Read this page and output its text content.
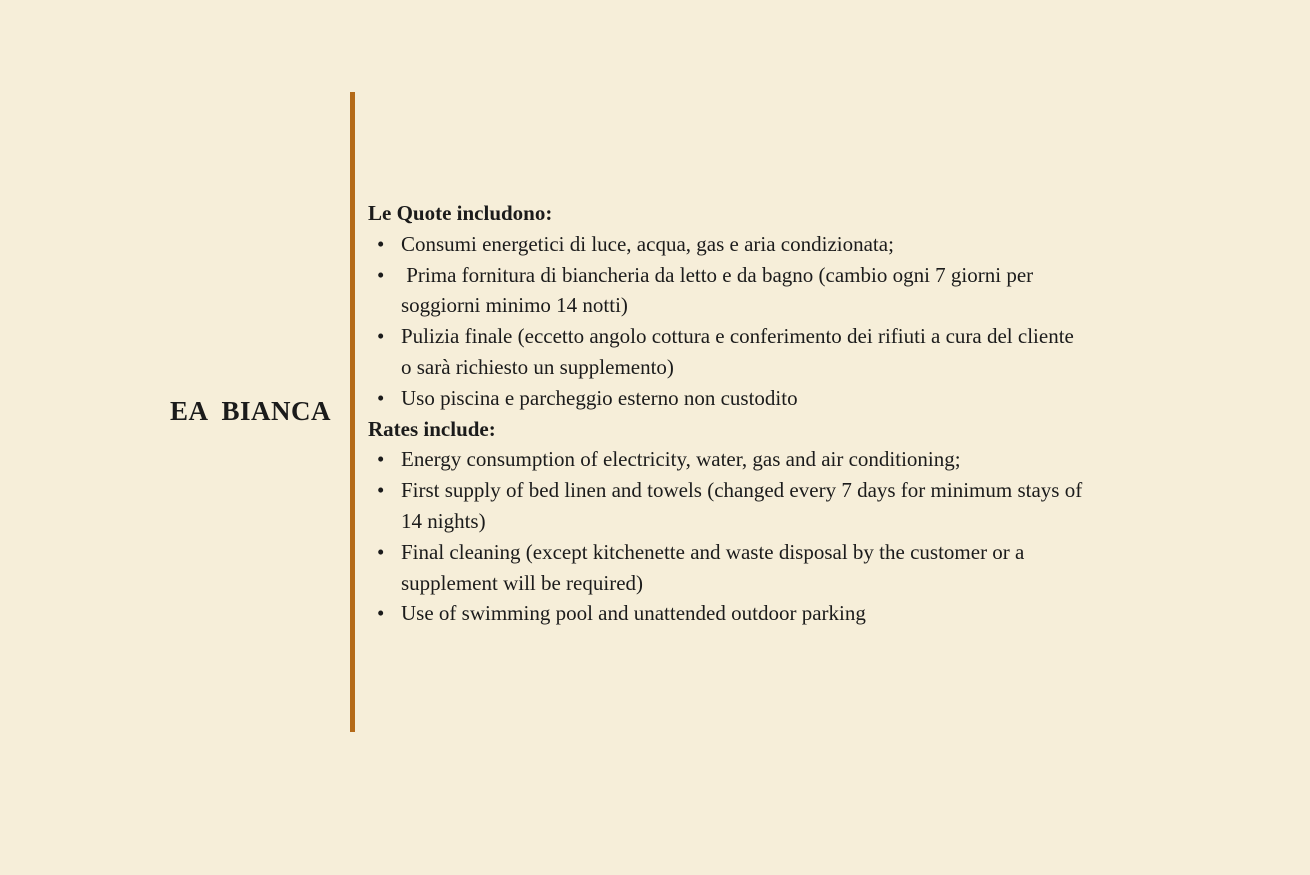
EA  BIANCA

Le Quote includono:

• Consumi energetici di luce, acqua, gas e aria condizionata;
•  Prima fornitura di biancheria da letto e da bagno (cambio ogni 7 giorni per soggiorni minimo 14 notti)
• Pulizia finale (eccetto angolo cottura e conferimento dei rifiuti a cura del cliente o sarà richiesto un supplemento)
• Uso piscina e parcheggio esterno non custodito

Rates include:

• Energy consumption of electricity, water, gas and air conditioning;
• First supply of bed linen and towels (changed every 7 days for minimum stays of 14 nights)
• Final cleaning (except kitchenette and waste disposal by the customer or a supplement will be required)
• Use of swimming pool and unattended outdoor parking
